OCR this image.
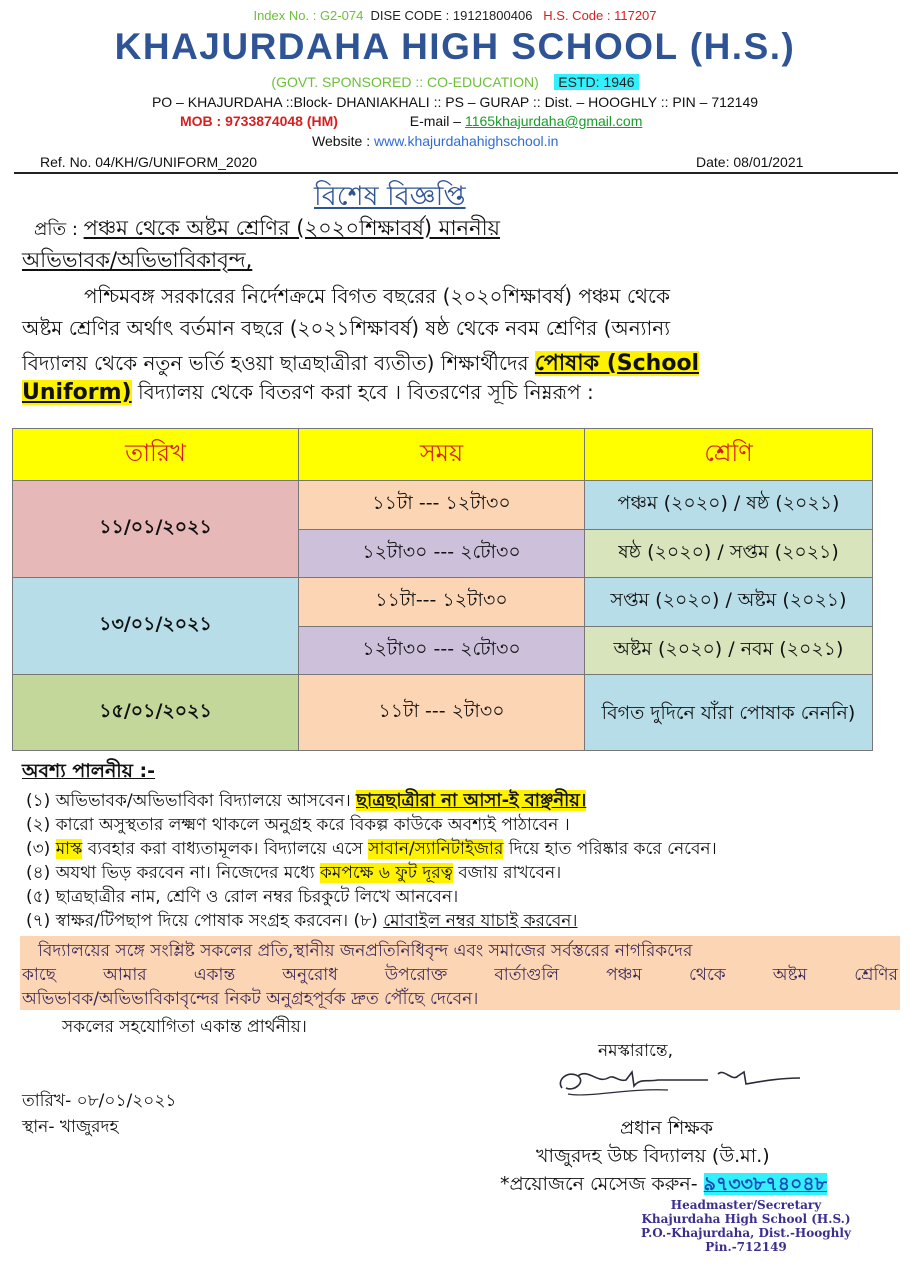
Index No. : G2-074 DISE CODE : 19121800406 H.S. Code : 117207
KHAJURDAHA HIGH SCHOOL (H.S.)
(GOVT. SPONSORED :: CO-EDUCATION) ESTD: 1946
PO – KHAJURDAHA ::Block- DHANIAKHALI :: PS – GURAP :: Dist. – HOOGHLY :: PIN – 712149
MOB : 9733874048 (HM)	E-mail – 1165khajurdaha@gmail.com
Website : www.khajurdahahighschool.in
Ref. No. 04/KH/G/UNIFORM_2020	Date: 08/01/2021
বিশেষ বিজ্ঞপ্তি
প্রতি : পঞ্চম থেকে অষ্টম শ্রেণির (২০২০শিক্ষাবর্ষ) মাননীয়
অভিভাবক/অভিভাবিকাবৃন্দ,
পশ্চিমবঙ্গ সরকারের নির্দেশক্রমে বিগত বছরের (২০২০শিক্ষাবর্ষ) পঞ্চম থেকে
অষ্টম শ্রেণির অর্থাৎ বর্তমান বছরে (২০২১শিক্ষাবর্ষ) ষষ্ঠ থেকে নবম শ্রেণির (অন্যান্য
বিদ্যালয় থেকে নতুন ভর্তি হওয়া ছাত্রছাত্রীরা ব্যতীত) শিক্ষার্থীদের পোষাক (School
Uniform) বিদ্যালয় থেকে বিতরণ করা হবে । বিতরণের সূচি নিম্নরূপ :
তারিখ	সময়	শ্রেণি
১১/০১/২০২১	১১টা --- ১২টা৩০	পঞ্চম (২০২০) / ষষ্ঠ (২০২১)
	১২টা৩০ --- ২টো৩০	ষষ্ঠ (২০২০) / সপ্তম (২০২১)
১৩/০১/২০২১	১১টা--- ১২টা৩০	সপ্তম (২০২০) / অষ্টম (২০২১)
	১২টা৩০ --- ২টো৩০	অষ্টম (২০২০) / নবম (২০২১)
১৫/০১/২০২১	১১টা --- ২টা৩০	বিগত দুদিনে যাঁরা পোষাক নেননি)
অবশ্য পালনীয় :-
(১) অভিভাবক/অভিভাবিকা বিদ্যালয়ে আসবেন। ছাত্রছাত্রীরা না আসা-ই বাঞ্ছনীয়।
(২) কারো অসুস্থতার লক্ষ্মণ থাকলে অনুগ্রহ করে বিকল্প কাউকে অবশ্যই পাঠাবেন ।
(৩) মাস্ক ব্যবহার করা বাধ্যতামূলক। বিদ্যালয়ে এসে সাবান/স্যানিটাইজার দিয়ে হাত পরিষ্কার করে নেবেন।
(৪) অযথা ভিড় করবেন না। নিজেদের মধ্যে কমপক্ষে ৬ ফুট দূরত্ব বজায় রাখবেন।
(৫) ছাত্রছাত্রীর নাম, শ্রেণি ও রোল নম্বর চিরকুটে লিখে আনবেন।
(৭) স্বাক্ষর/টিপছাপ দিয়ে পোষাক সংগ্রহ করবেন। (৮) মোবাইল নম্বর যাচাই করবেন।
বিদ্যালয়ের সঙ্গে সংশ্লিষ্ট সকলের প্রতি,স্থানীয় জনপ্রতিনিধিবৃন্দ এবং সমাজের সর্বস্তরের নাগরিকদের
কাছে	আমার	একান্ত	অনুরোধ	উপরোক্ত	বার্তাগুলি	পঞ্চম	থেকে	অষ্টম	শ্রেণির
অভিভাবক/অভিভাবিকাবৃন্দের নিকট অনুগ্রহপূর্বক দ্রুত পৌঁছে দেবেন।
সকলের সহযোগিতা একান্ত প্রার্থনীয়।
নমস্কারান্তে,
তারিখ- ০৮/০১/২০২১
স্থান- খাজুরদহ	প্রধান শিক্ষক
খাজুরদহ উচ্চ বিদ্যালয় (উ.মা.)
*প্রয়োজনে মেসেজ করুন- ৯৭৩৩৮৭৪০৪৮
Headmaster/Secretary
Khajurdaha High School (H.S.)
P.O.-Khajurdaha, Dist.-Hooghly
Pin.-712149
